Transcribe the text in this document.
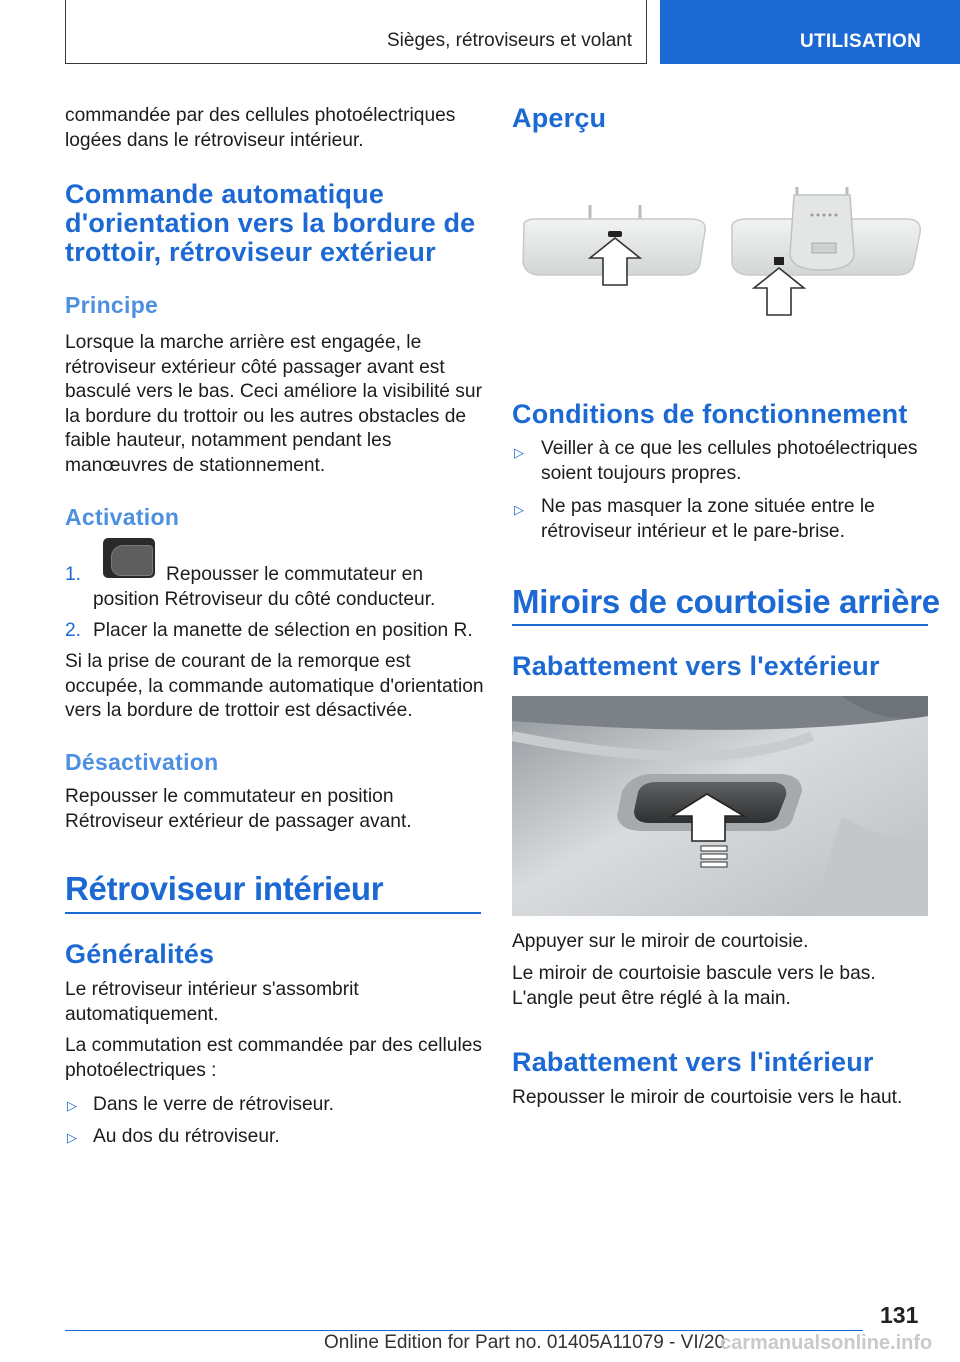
Sièges, rétroviseurs et volant	UTILISATION
commandée par des cellules photoélectriques logées dans le rétroviseur intérieur.
Commande automatique d'orientation vers la bordure de trottoir, rétroviseur extérieur
Principe
Lorsque la marche arrière est engagée, le rétroviseur extérieur côté passager avant est basculé vers le bas. Ceci améliore la visibilité sur la bordure du trottoir ou les autres obstacles de faible hauteur, notamment pendant les manœuvres de stationnement.
Activation
1.	Repousser le commutateur en position Rétroviseur du côté conducteur.
2. Placer la manette de sélection en position R.
Si la prise de courant de la remorque est occupée, la commande automatique d'orientation vers la bordure de trottoir est désactivée.
Désactivation
Repousser le commutateur en position Rétroviseur extérieur de passager avant.
Rétroviseur intérieur
Généralités
Le rétroviseur intérieur s'assombrit automatiquement.
La commutation est commandée par des cellules photoélectriques :
▷ Dans le verre de rétroviseur.
▷ Au dos du rétroviseur.
Aperçu
Conditions de fonctionnement
▷ Veiller à ce que les cellules photoélectriques soient toujours propres.
▷ Ne pas masquer la zone située entre le rétroviseur intérieur et le pare-brise.
Miroirs de courtoisie arrière
Rabattement vers l'extérieur
Appuyer sur le miroir de courtoisie.
Le miroir de courtoisie bascule vers le bas. L'angle peut être réglé à la main.
Rabattement vers l'intérieur
Repousser le miroir de courtoisie vers le haut.
131
Online Edition for Part no. 01405A11079 - VI/20
carmanualsonline.info
